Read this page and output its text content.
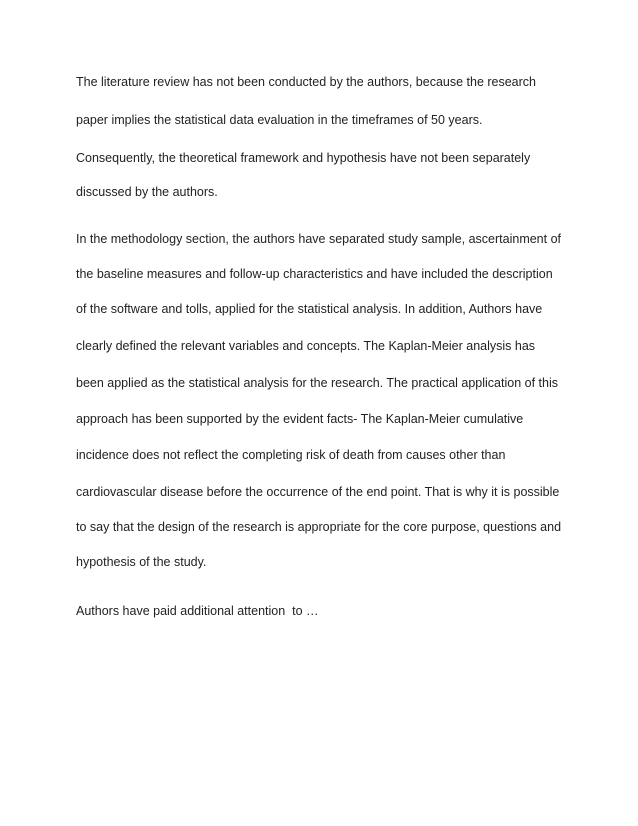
The literature review has not been conducted by the authors, because the research

paper implies the statistical data evaluation in the timeframes of 50 years.

Consequently, the theoretical framework and hypothesis have not been separately

discussed by the authors.

In the methodology section, the authors have separated study sample, ascertainment of

the baseline measures and follow-up characteristics and have included the description

of the software and tolls, applied for the statistical analysis. In addition, Authors have

clearly defined the relevant variables and concepts. The Kaplan-Meier analysis has

been applied as the statistical analysis for the research. The practical application of this

approach has been supported by the evident facts- The Kaplan-Meier cumulative

incidence does not reflect the completing risk of death from causes other than

cardiovascular disease before the occurrence of the end point. That is why it is possible

to say that the design of the research is appropriate for the core purpose, questions and

hypothesis of the study.

Authors have paid additional attention  to …
